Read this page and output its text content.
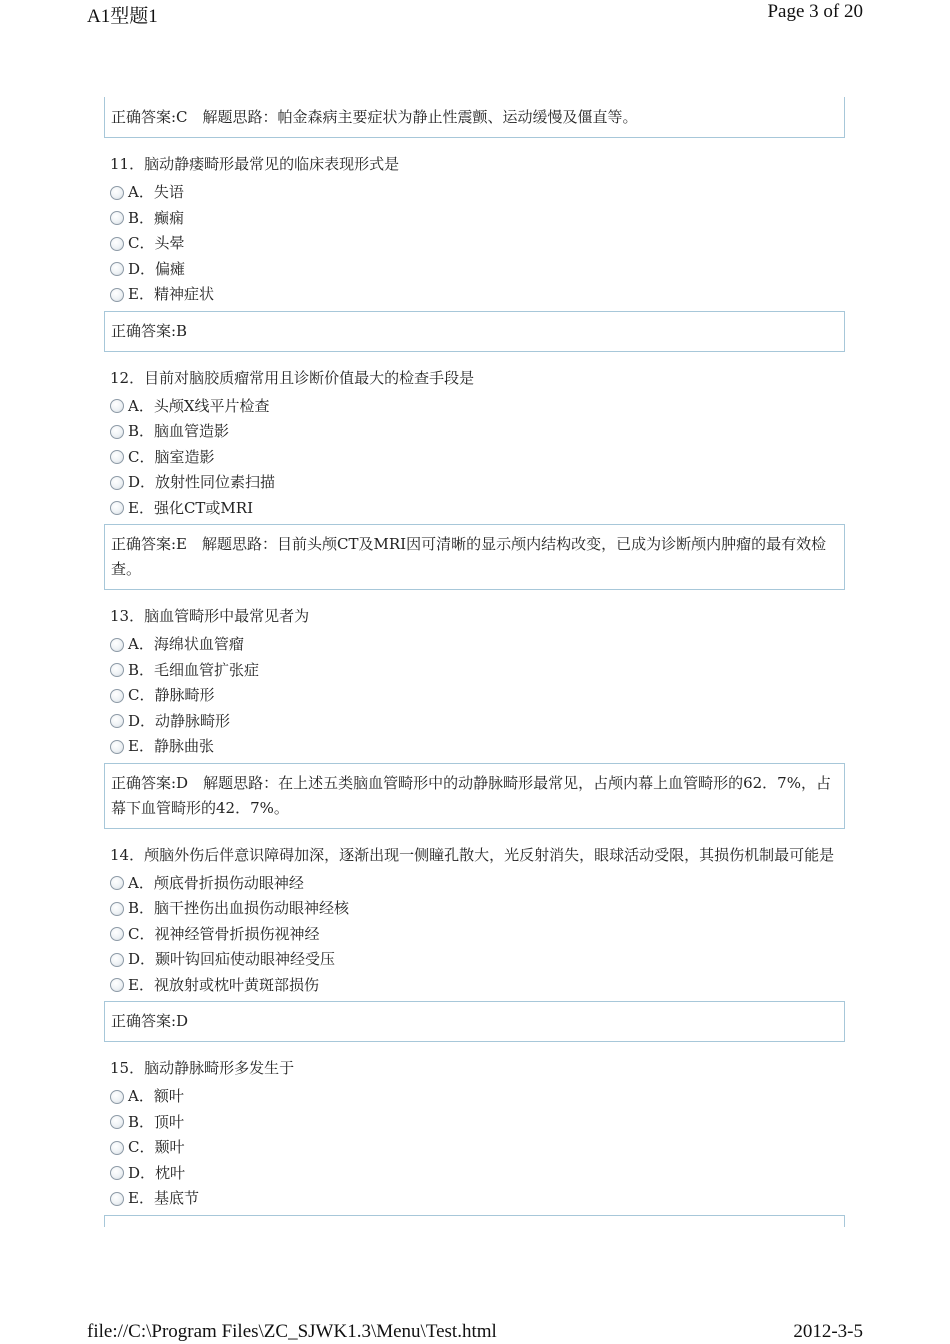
A1型题1	Page 3 of 20
正确答案:C　解题思路：帕金森病主要症状为静止性震颤、运动缓慢及僵直等。
11．脑动静瘘畸形最常见的临床表现形式是
A．失语
B．癫痫
C．头晕
D．偏瘫
E．精神症状
正确答案:B
12．目前对脑胶质瘤常用且诊断价值最大的检查手段是
A．头颅X线平片检查
B．脑血管造影
C．脑室造影
D．放射性同位素扫描
E．强化CT或MRI
正确答案:E　解题思路：目前头颅CT及MRI因可清晰的显示颅内结构改变，已成为诊断颅内肿瘤的最有效检查。
13．脑血管畸形中最常见者为
A．海绵状血管瘤
B．毛细血管扩张症
C．静脉畸形
D．动静脉畸形
E．静脉曲张
正确答案:D　解题思路：在上述五类脑血管畸形中的动静脉畸形最常见，占颅内幕上血管畸形的62．7%，占幕下血管畸形的42．7%。
14．颅脑外伤后伴意识障碍加深，逐渐出现一侧瞳孔散大，光反射消失，眼球活动受限，其损伤机制最可能是
A．颅底骨折损伤动眼神经
B．脑干挫伤出血损伤动眼神经核
C．视神经管骨折损伤视神经
D．颞叶钩回疝使动眼神经受压
E．视放射或枕叶黄斑部损伤
正确答案:D
15．脑动静脉畸形多发生于
A．额叶
B．顶叶
C．颞叶
D．枕叶
E．基底节
file://C:\Program Files\ZC_SJWK1.3\Menu\Test.html	2012-3-5
